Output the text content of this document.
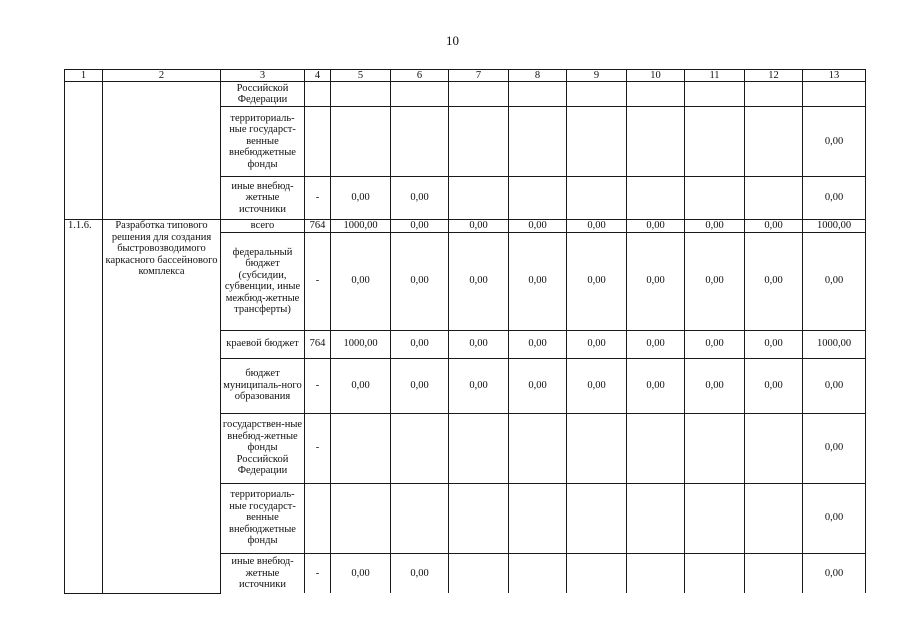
10
1	2	3	4	5	6	7	8	9	10	11	12	13
		Российской Федерации										
		территориаль-ные государст-венные внебюджетные фонды										0,00
		иные внебюд-жетные источники	-	0,00	0,00							0,00
1.1.6.	Разработка типового решения для создания быстровозводимого каркасного бассейнового комплекса	всего	764	1000,00	0,00	0,00	0,00	0,00	0,00	0,00	0,00	1000,00
		федеральный бюджет (субсидии, субвенции, иные межбюд-жетные трансферты)	-	0,00	0,00	0,00	0,00	0,00	0,00	0,00	0,00	0,00
		краевой бюджет	764	1000,00	0,00	0,00	0,00	0,00	0,00	0,00	0,00	1000,00
		бюджет муниципаль-ного образования	-	0,00	0,00	0,00	0,00	0,00	0,00	0,00	0,00	0,00
		государствен-ные внебюд-жетные фонды Российской Федерации	-									0,00
		территориаль-ные государст-венные внебюджетные фонды										0,00
		иные внебюд-жетные источники	-	0,00	0,00							0,00
